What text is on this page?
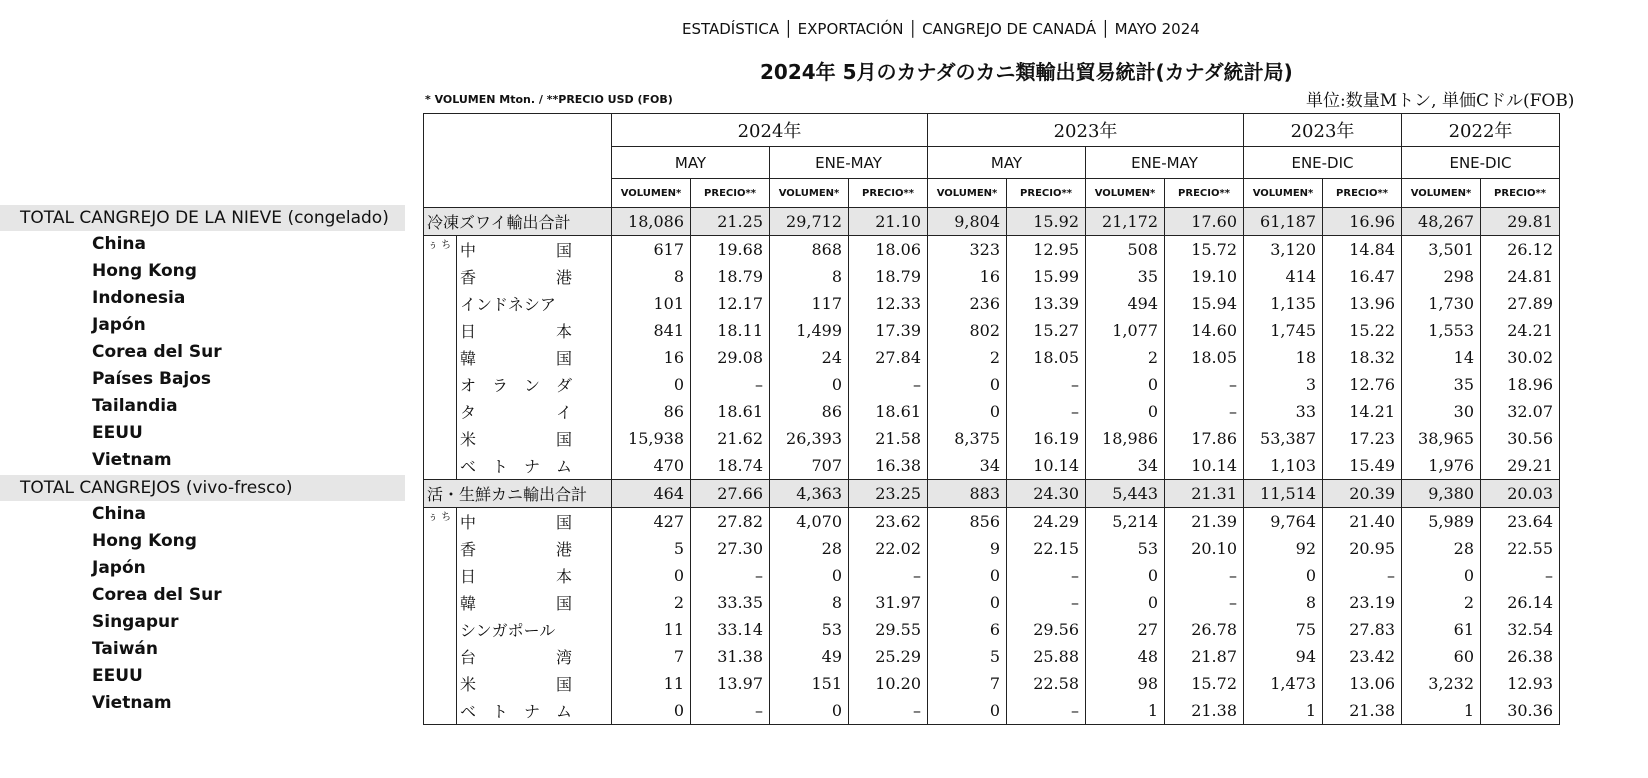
ESTADÍSTICA │ EXPORTACIÓN │ CANGREJO DE CANADÁ │ MAYO 2024
2024年 5月のカナダのカニ類輸出貿易統計(カナダ統計局)
* VOLUMEN Mton. / **PRECIO USD (FOB)	単位:数量Mトン, 単価Cドル(FOB)
TOTAL CANGREJO DE LA NIEVE (congelado)
China
Hong Kong
Indonesia
Japón
Corea del Sur
Países Bajos
Tailandia
EEUU
Vietnam
TOTAL CANGREJOS (vivo-fresco)
China
Hong Kong
Japón
Corea del Sur
Singapur
Taiwán
EEUU
Vietnam
		2024年				2023年				2023年		2022年	
		MAY		ENE-MAY		MAY		ENE-MAY		ENE-DIC		ENE-DIC	
		VOLUMEN*	PRECIO**	VOLUMEN*	PRECIO**	VOLUMEN*	PRECIO**	VOLUMEN*	PRECIO**	VOLUMEN*	PRECIO**	VOLUMEN*	PRECIO**
冷凍ズワイ輸出合計		18,086	21.25	29,712	21.10	9,804	15.92	21,172	17.60	61,187	16.96	48,267	29.81
ぅ ち	中　　　　　国	617	19.68	868	18.06	323	12.95	508	15.72	3,120	14.84	3,501	26.12
	香　　　　　港	8	18.79	8	18.79	16	15.99	35	19.10	414	16.47	298	24.81
	インドネシア	101	12.17	117	12.33	236	13.39	494	15.94	1,135	13.96	1,730	27.89
	日　　　　　本	841	18.11	1,499	17.39	802	15.27	1,077	14.60	1,745	15.22	1,553	24.21
	韓　　　　　国	16	29.08	24	27.84	2	18.05	2	18.05	18	18.32	14	30.02
	オ　ラ　ン　ダ	0	–	0	–	0	–	0	–	3	12.76	35	18.96
	タ　　　　　イ	86	18.61	86	18.61	0	–	0	–	33	14.21	30	32.07
	米　　　　　国	15,938	21.62	26,393	21.58	8,375	16.19	18,986	17.86	53,387	17.23	38,965	30.56
	ベ　ト　ナ　ム	470	18.74	707	16.38	34	10.14	34	10.14	1,103	15.49	1,976	29.21
活・生鮮カニ輸出合計		464	27.66	4,363	23.25	883	24.30	5,443	21.31	11,514	20.39	9,380	20.03
ぅ ち	中　　　　　国	427	27.82	4,070	23.62	856	24.29	5,214	21.39	9,764	21.40	5,989	23.64
	香　　　　　港	5	27.30	28	22.02	9	22.15	53	20.10	92	20.95	28	22.55
	日　　　　　本	0	–	0	–	0	–	0	–	0	–	0	–
	韓　　　　　国	2	33.35	8	31.97	0	–	0	–	8	23.19	2	26.14
	シンガポール	11	33.14	53	29.55	6	29.56	27	26.78	75	27.83	61	32.54
	台　　　　　湾	7	31.38	49	25.29	5	25.88	48	21.87	94	23.42	60	26.38
	米　　　　　国	11	13.97	151	10.20	7	22.58	98	15.72	1,473	13.06	3,232	12.93
	ベ　ト　ナ　ム	0	–	0	–	0	–	1	21.38	1	21.38	1	30.36
